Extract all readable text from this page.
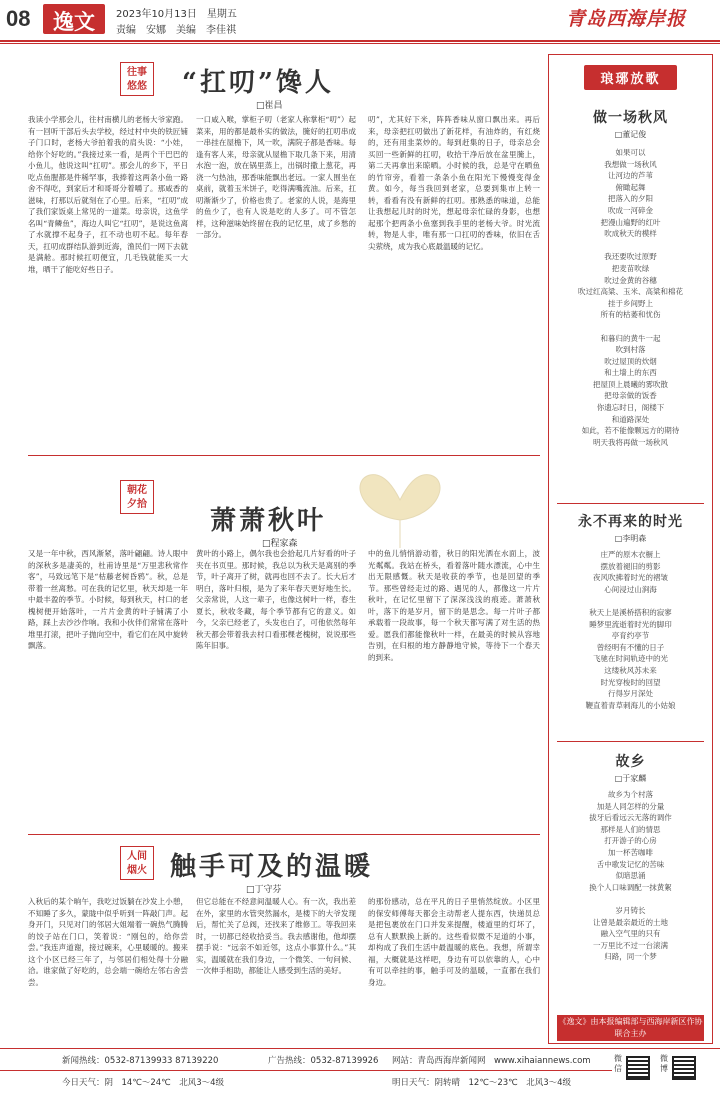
08	逸文	2023年10月13日　星期五
责编　安娜　美编　李佳祺
青岛西海岸报
往事
悠悠 “扛叨”馋人
□崔昌
我读小学那会儿，往村南横儿的老杨大爷家跑。有一回听干部后头去学校，经过村中央的铁匠铺子门口时，老杨大爷拍着我的肩头说：“小娃，给你个好吃的。”我接过来一看，是两个干巴巴的小鱼儿，他说这叫“扛叨”。那会儿的乡下，平日吃点鱼腥都是件稀罕事，我捧着这两条小鱼一路舍不得吃，到家后才和哥哥分着嚼了。那咸香的滋味，打那以后就刻在了心里。后来，“扛叨”成了我们家饭桌上常见的一道菜。母亲说，这鱼学名叫“青鳞鱼”，海边人叫它“扛叨”，是说这鱼离了水就撑不起身子，扛不动也叨不起。每年春天，扛叨成群结队游到近海，渔民们一网下去就是满舱。那时候扛叨便宜，几毛钱就能买一大堆，晒干了能吃好些日子。
一口咸入喉，掌柜子叨（老家人称掌柜“叨”）起菜来，用的都是最朴实的做法，腌好的扛叨串成一串挂在屋檐下，风一吹，满院子都是香味。每逢有客人来，母亲就从屋檐下取几条下来，用清水泡一泡，放在锅里蒸上，出锅时撒上葱花，再浇一勺热油，那香味能飘出老远。一家人围坐在桌前，就着玉米饼子，吃得满嘴流油。后来，扛叨渐渐少了，价格也贵了。老家的人说，是海里的鱼少了，也有人说是吃的人多了。可不管怎样，这种滋味始终留在我的记忆里，成了乡愁的一部分。
叨”，尤其好下米，阵阵香味从窗口飘出来。再后来，母亲把扛叨做出了新花样，有油炸的，有红烧的，还有用韭菜炒的。每到赶集的日子，母亲总会买回一些新鲜的扛叨，收拾干净后放在盆里腌上，第二天再拿出来晾晒。小时候的我，总是守在晒鱼的竹帘旁，看着一条条小鱼在阳光下慢慢变得金黄。如今，每当我回到老家，总要到集市上转一转，看看有没有新鲜的扛叨。那熟悉的味道，总能让我想起儿时的时光，想起母亲忙碌的身影，也想起那个把两条小鱼塞到我手里的老杨大爷。时光流转，物是人非，唯有那一口扛叨的香味，依旧在舌尖萦绕，成为我心底最温暖的记忆。
朝花
夕拾
萧萧秋叶
□程家森
又是一年中秋，西风渐紧，落叶翩翩。诗人眼中的深秋多是凄美的，杜甫诗里是“万里悲秋常作客”，马致远笔下是“枯藤老树昏鸦”。秋，总是带着一丝离愁。可在我的记忆里，秋天却是一年中最丰盈的季节。小时候，每到秋天，村口的老槐树便开始落叶，一片片金黄的叶子铺满了小路，踩上去沙沙作响。我和小伙伴们常常在落叶堆里打滚，把叶子抛向空中，看它们在风中旋转飘落。
黄叶的小路上，偶尔我也会拾起几片好看的叶子夹在书页里。那时候，我总以为秋天是离别的季节，叶子离开了树，就再也回不去了。长大后才明白，落叶归根，是为了来年春天更好地生长。父亲常说，人这一辈子，也像这树叶一样，春生夏长，秋收冬藏，每个季节都有它的意义。如今，父亲已经老了，头发也白了，可他依然每年秋天都会带着我去村口看那棵老槐树，说说那些陈年旧事。
中的鱼儿悄悄游动着，秋日的阳光洒在水面上，波光粼粼。我站在桥头，看着落叶随水漂流，心中生出无限感慨。秋天是收获的季节，也是回望的季节。那些曾经走过的路、遇见的人，都像这一片片秋叶，在记忆里留下了深深浅浅的痕迹。萧萧秋叶，落下的是岁月，留下的是思念。每一片叶子都承载着一段故事，每一个秋天都写满了对生活的热爱。愿我们都能像秋叶一样，在最美的时候从容地告别，在归根的地方静静地守候，等待下一个春天的到来。
人间
烟火 触手可及的温暖
□丁守芬
入秋后的某个晌午，我吃过饭躺在沙发上小憩，不知睡了多久，蒙眬中似乎听到一阵敲门声。起身开门，只见对门的邻居大姐端着一碗热气腾腾的饺子站在门口，笑着说：“刚包的，给你尝尝。”我连声道谢，接过碗来，心里暖暖的。搬来这个小区已经三年了，与邻居们相处得十分融洽。谁家做了好吃的，总会端一碗给左邻右舍尝尝。
但它总能在不经意间温暖人心。有一次，我出差在外，家里的水管突然漏水，是楼下的大爷发现后，帮忙关了总阀，还找来了维修工。等我回来时，一切都已经收拾妥当。我去感谢他，他却摆摆手说：“远亲不如近邻，这点小事算什么。”其实，温暖就在我们身边，一个微笑、一句问候、一次伸手相助，都能让人感受到生活的美好。
的那份感动，总在平凡的日子里悄然绽放。小区里的保安师傅每天都会主动帮老人提东西，快递员总是把包裹放在门口并发来提醒，楼道里的灯坏了，总有人默默换上新的。这些看似微不足道的小事，却构成了我们生活中最温暖的底色。我想，所谓幸福，大概就是这样吧，身边有可以依靠的人，心中有可以牵挂的事，触手可及的温暖，一直都在我们身边。
琅琊放歌
做一场秋风
□董记俊
如果可以
我想做一场秋风
让河边的芦苇
俯瞰起舞
把落入的夕阳
吹成一河碎金
把漫山遍野的红叶
吹成秋天的模样

我还要吹过原野
把麦苗吹绿
吹过金黄的谷穗
吹过红高粱、玉米、高粱和棉花
挂于乡间野上
所有的枯萎和忧伤

和暮归的黄牛一起
吹到村落
吹过屋顶的炊烟
和土墙上的东西
把屋顶上晨曦的雾吹散
把母亲做的饭香
你遗忘时日，阁楼下
和道路深处
如此，若不能像颗远方的期待
明天我将再做一场秋风
永不再来的时光
□李明森
庄严的原木衣橱上
摆放着褪旧的剪影
夜风吹拂着时光的褶皱
心间浸过山涧海

秋天上是溪桥搭积的寂寥
睡梦里流逝着时光的脚印
亭育约亭节
曾经明有不懂的日子
飞驰在时间轨迹中的光
这缕秋风苏未来
时光穿梭时的回望
行得岁月深处
鞭直着青草刺海儿的小姑娘
故乡
□于家麟
故乡为个村落
加是人同怎样的分量
拔牙后看远云无落的调作
那样是人们的情思
打开游子的心房
加一杯苦咖啡
舌中歌发记忆的苦味
似暗思涌
换个人口味调配一抹黄絮

岁月铸长
让曾是最亲最近的土地
融入空气里的只有
一万里比不过一台滚满
归路，同一个梦
《逸文》由本报编辑部与西海岸新区作协联合主办
新闻热线：0532-87139933 87139220	广告热线：0532-87139926 网站：青岛西海岸新闻网　www.xihaiannews.com
今日天气：阴　14℃～24℃　北风3～4级	明日天气：阴转晴　12℃～23℃　北风3～4级
微信
微博
